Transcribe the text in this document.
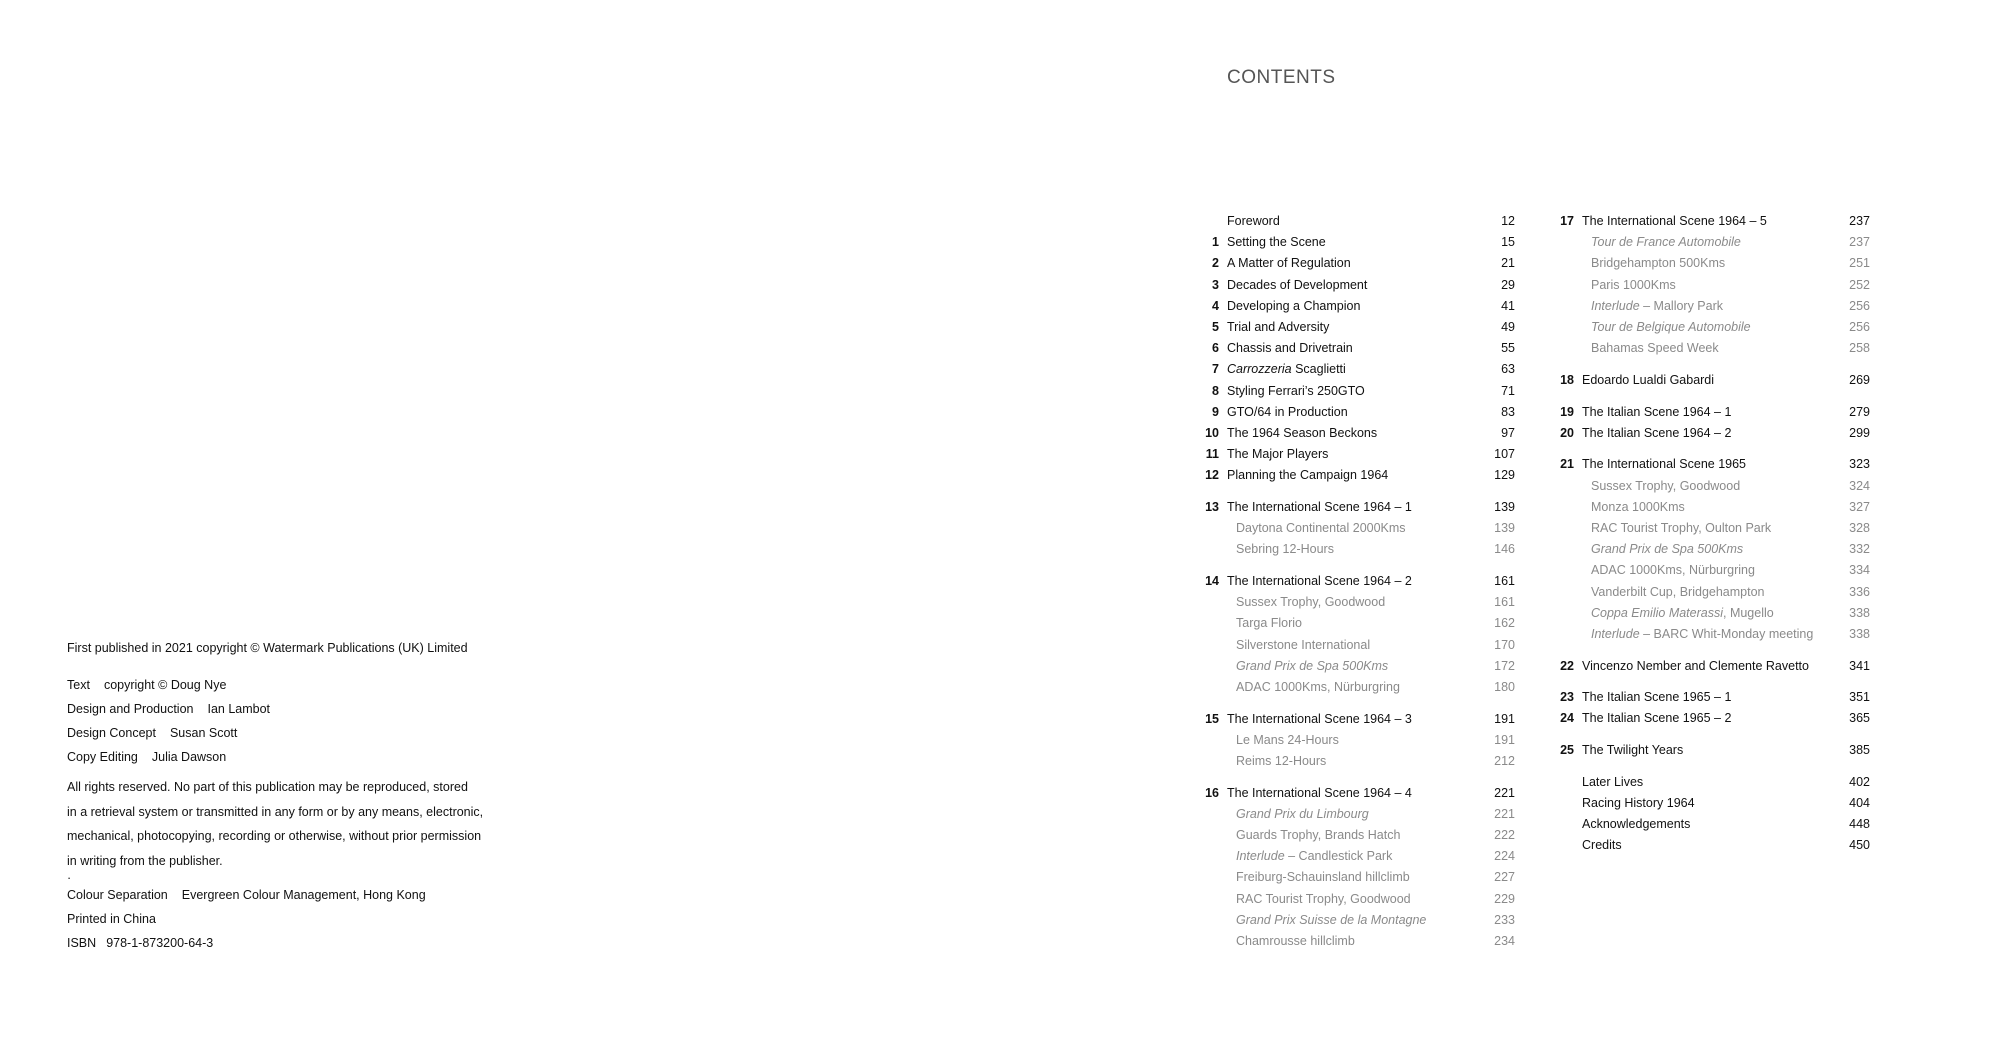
First published in 2021 copyright © Watermark Publications (UK) Limited

Text copyright © Doug Nye

Design and Production Ian Lambot

Design Concept Susan Scott

Copy Editing Julia Dawson

All rights reserved. No part of this publication may be reproduced, stored

in a retrieval system or transmitted in any form or by any means, electronic,

mechanical, photocopying, recording or otherwise, without prior permission

in writing from the publisher.

·

Colour Separation Evergreen Colour Management, Hong Kong

Printed in China

ISBN 978-1-873200-64-3

CONTENTS
Foreword	12
1 Setting the Scene	15
2 A Matter of Regulation	21
3 Decades of Development	29
4 Developing a Champion	41
5 Trial and Adversity	49
6 Chassis and Drivetrain	55
7 Carrozzeria Scaglietti	63
8 Styling Ferrari’s 250GTO	71
9 GTO/64 in Production	83
10 The 1964 Season Beckons	97
11 The Major Players	107
12 Planning the Campaign 1964	129
13 The International Scene 1964 – 1	139
Daytona Continental 2000Kms	139
Sebring 12-Hours	146
14 The International Scene 1964 – 2	161
Sussex Trophy, Goodwood	161
Targa Florio	162
Silverstone International	170
Grand Prix de Spa 500Kms	172
ADAC 1000Kms, Nürburgring	180
15 The International Scene 1964 – 3	191
Le Mans 24-Hours	191
Reims 12-Hours	212
16 The International Scene 1964 – 4	221
Grand Prix du Limbourg	221
Guards Trophy, Brands Hatch	222
Interlude – Candlestick Park	224
Freiburg-Schauinsland hillclimb	227
RAC Tourist Trophy, Goodwood	229
Grand Prix Suisse de la Montagne	233
Chamrousse hillclimb	234
17 The International Scene 1964 – 5	237
Tour de France Automobile	237
Bridgehampton 500Kms	251
Paris 1000Kms	252
Interlude – Mallory Park	256
Tour de Belgique Automobile	256
Bahamas Speed Week	258
18 Edoardo Lualdi Gabardi	269
19 The Italian Scene 1964 – 1	279
20 The Italian Scene 1964 – 2	299
21 The International Scene 1965	323
Sussex Trophy, Goodwood	324
Monza 1000Kms	327
RAC Tourist Trophy, Oulton Park	328
Grand Prix de Spa 500Kms	332
ADAC 1000Kms, Nürburgring	334
Vanderbilt Cup, Bridgehampton	336
Coppa Emilio Materassi, Mugello	338
Interlude – BARC Whit-Monday meeting	338
22 Vincenzo Nember and Clemente Ravetto	341
23 The Italian Scene 1965 – 1	351
24 The Italian Scene 1965 – 2	365
25 The Twilight Years	385
Later Lives	402
Racing History 1964	404
Acknowledgements	448
Credits	450
